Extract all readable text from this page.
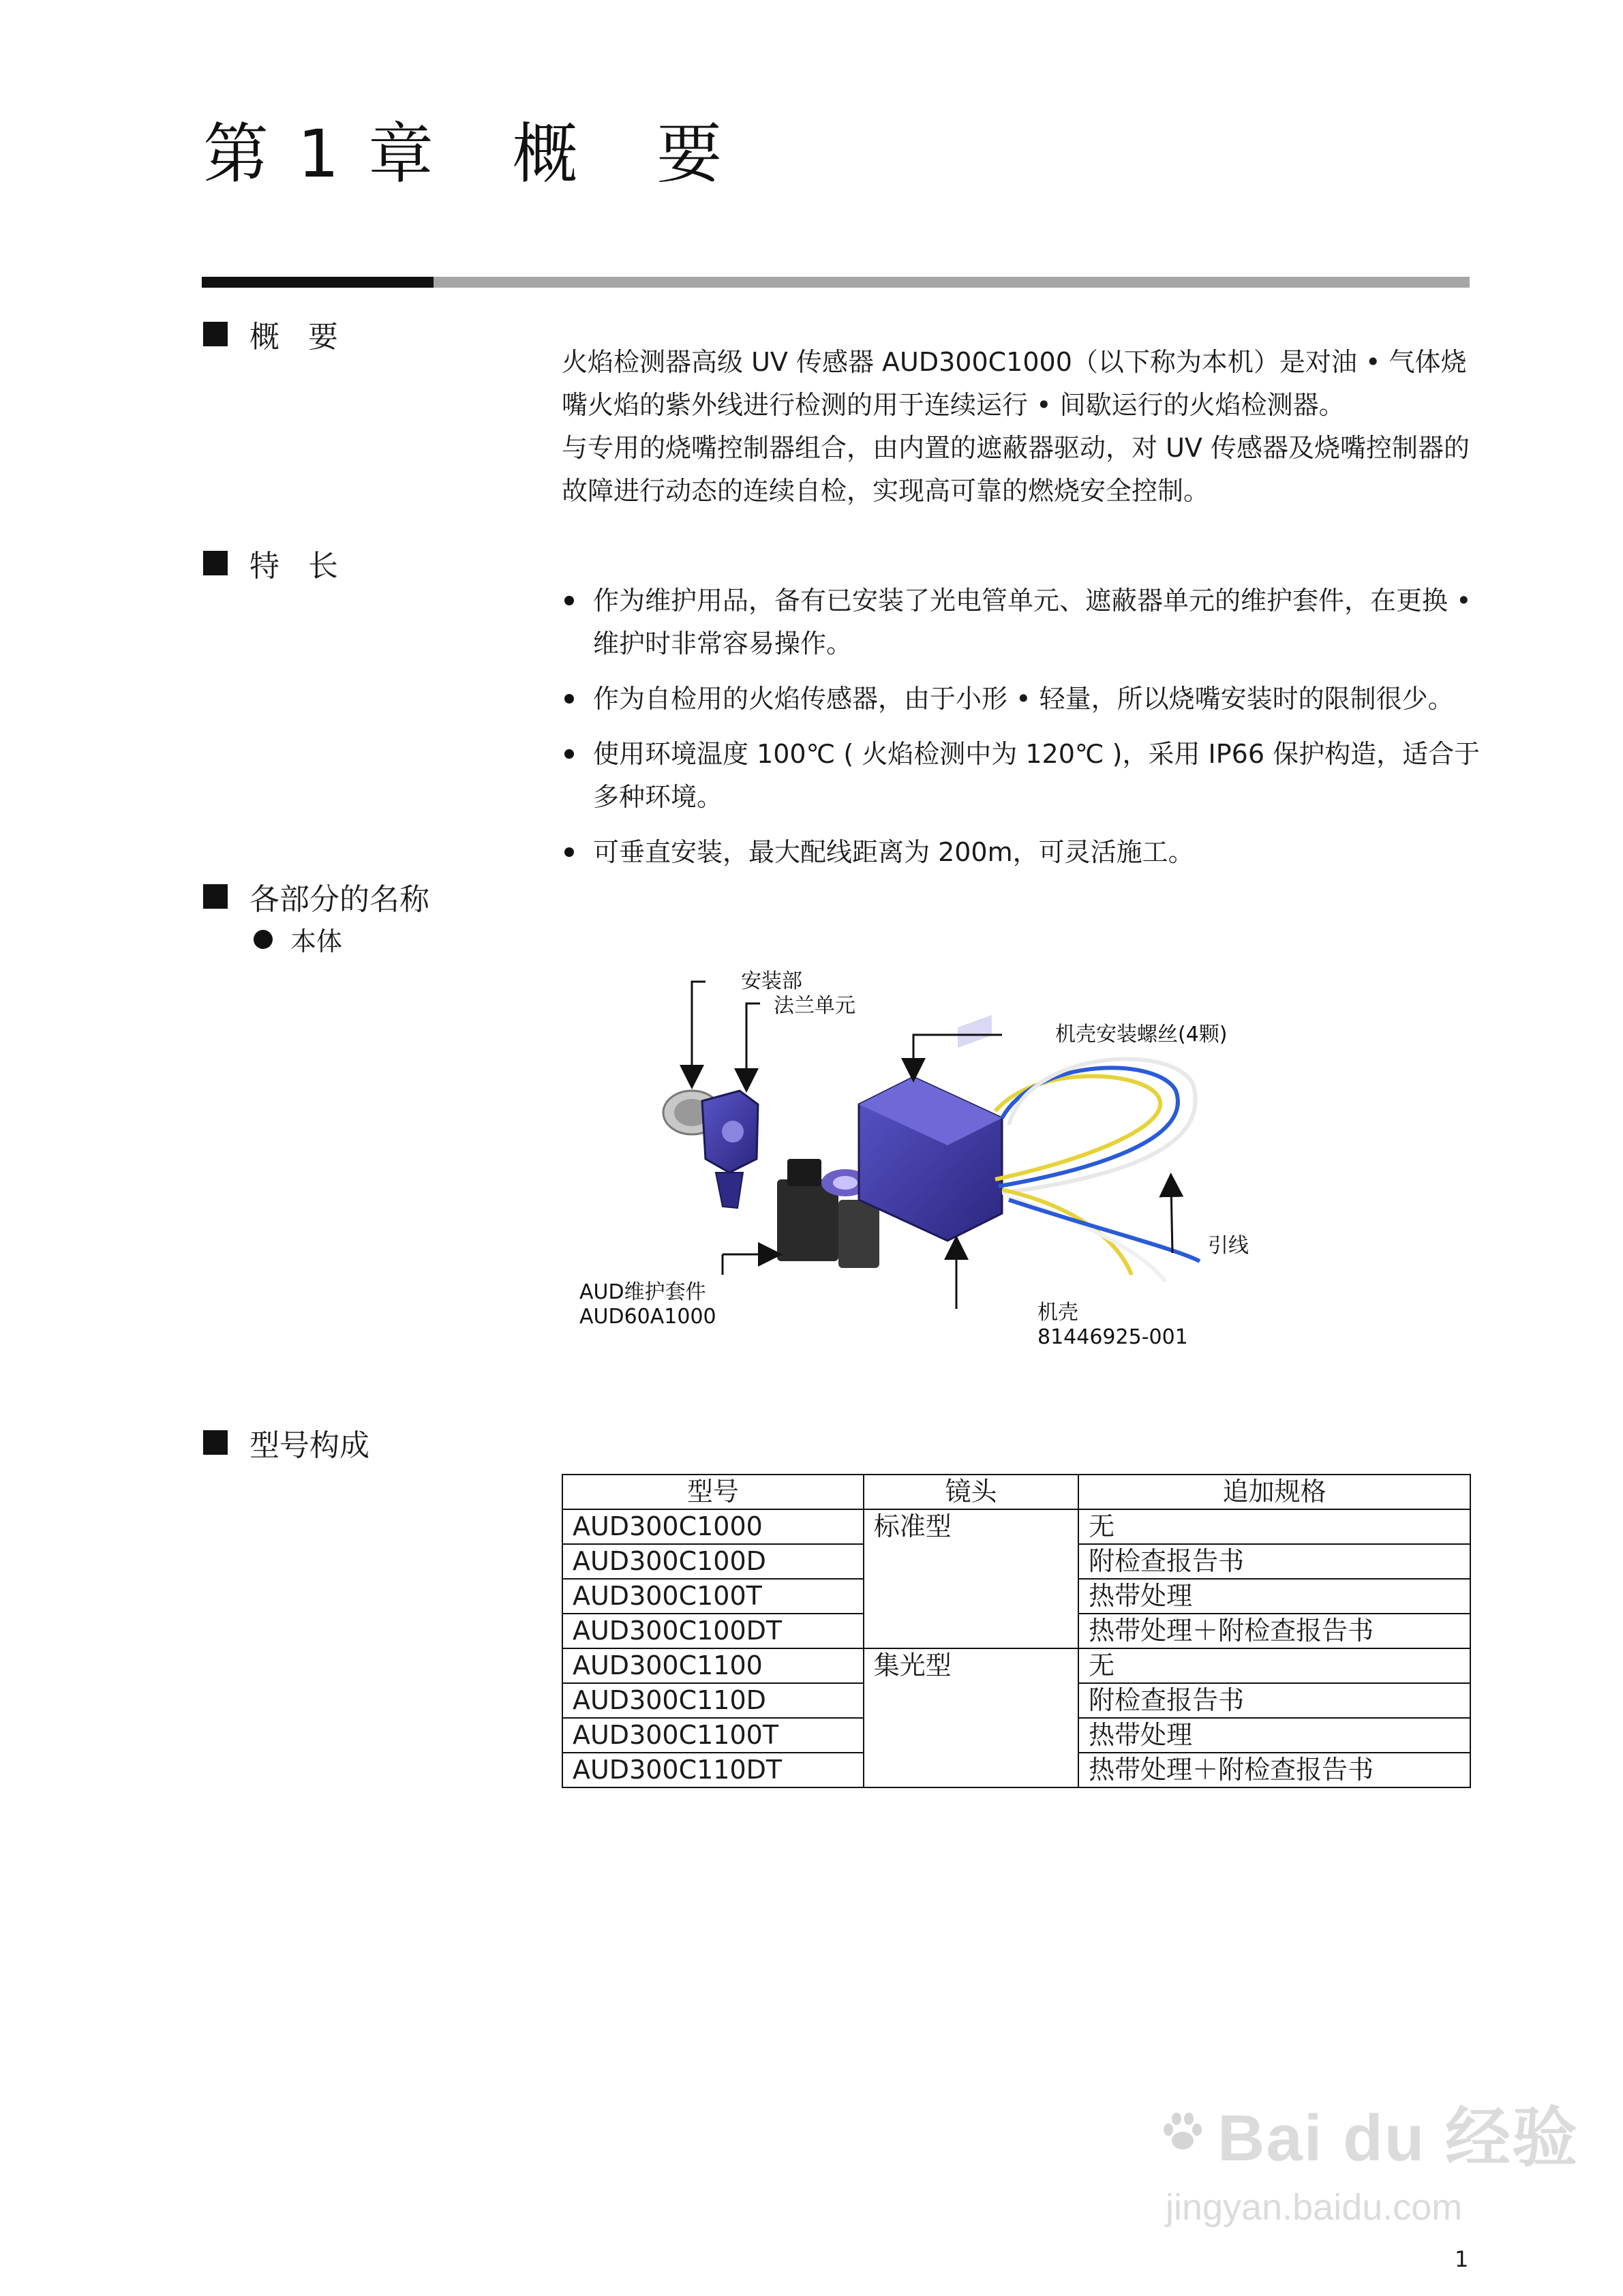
第 1 章   概   要
概   要

火焰检测器高级 UV 传感器 AUD300C1000（以下称为本机）是对油 • 气体烧嘴火焰的紫外线进行检测的用于连续运行 • 间歇运行的火焰检测器。

与专用的烧嘴控制器组合，由内置的遮蔽器驱动，对 UV 传感器及烧嘴控制器的故障进行动态的连续自检，实现高可靠的燃烧安全控制。

特   长
作为维护用品，备有已安装了光电管单元、遮蔽器单元的维护套件，在更换 • 维护时非常容易操作。
作为自检用的火焰传感器，由于小形 • 轻量，所以烧嘴安装时的限制很少。
使用环境温度 100℃ ( 火焰检测中为 120℃ )，采用 IP66 保护构造，适合于多种环境。
可垂直安装，最大配线距离为 200m，可灵活施工。
各部分的名称
本体
安装部
法兰单元
机壳安装螺丝(4颗)
引线
AUD维护套件
AUD60A1000	机壳
81446925-001
型号构成
型号	镜头	追加规格
AUD300C1000	标准型	无
AUD300C100D		附检查报告书
AUD300C100T		热带处理
AUD300C100DT		热带处理＋附检查报告书
AUD300C1100	集光型	无
AUD300C110D		附检查报告书
AUD300C1100T		热带处理
AUD300C110DT		热带处理＋附检查报告书
Bai du 经验
jingyan.baidu.com
1
